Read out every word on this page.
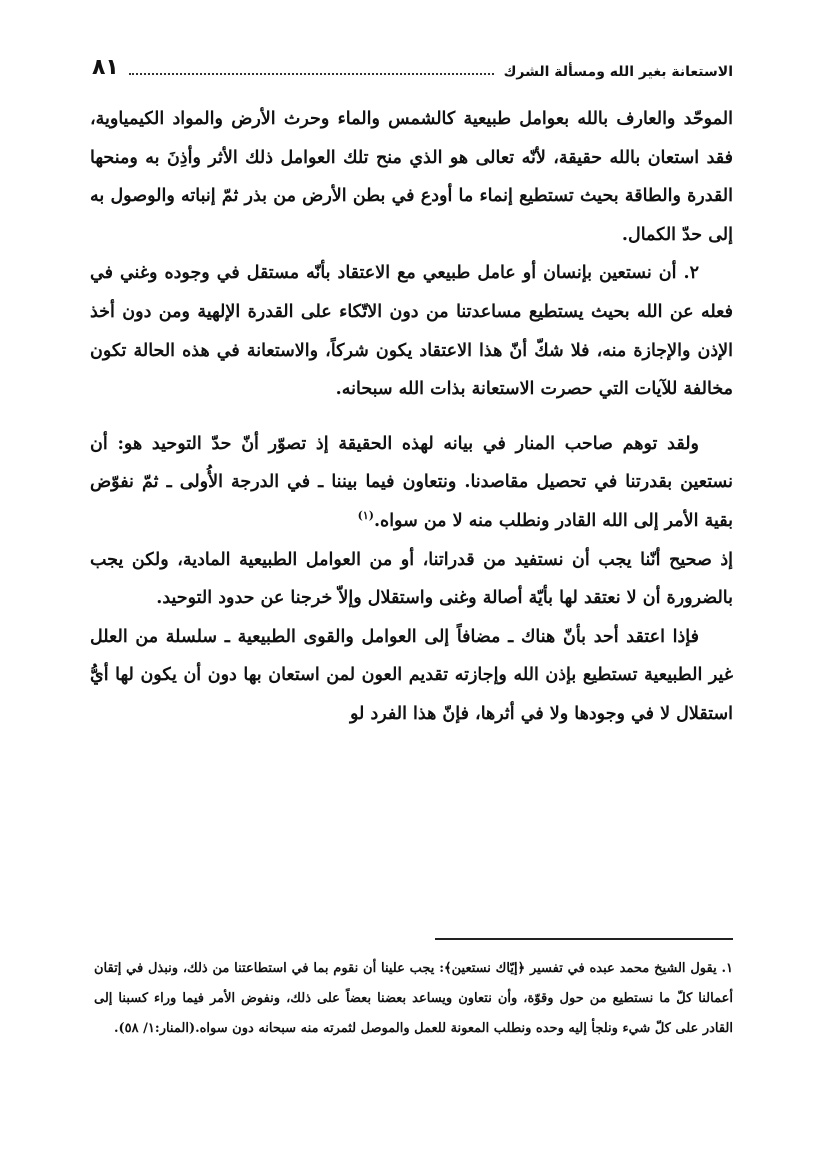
الاستعانة بغير الله ومسألة الشرك
٨١

الموحّد والعارف بالله بعوامل طبيعية كالشمس والماء وحرث الأرض والمواد الكيمياوية، فقد استعان بالله حقيقة، لأنّه تعالى هو الذي منح تلك العوامل ذلك الأثر وأذِنَ به ومنحها القدرة والطاقة بحيث تستطيع إنماء ما أودع في بطن الأرض من بذر ثمّ إنباته والوصول به إلى حدّ الكمال.

٢. أن نستعين بإنسان أو عامل طبيعي مع الاعتقاد بأنّه مستقل في وجوده وغني في فعله عن الله بحيث يستطيع مساعدتنا من دون الاتّكاء على القدرة الإلهية ومن دون أخذ الإذن والإجازة منه، فلا شكّ أنّ هذا الاعتقاد يكون شركاً، والاستعانة في هذه الحالة تكون مخالفة للآيات التي حصرت الاستعانة بذات الله سبحانه.

ولقد توهم صاحب المنار في بيانه لهذه الحقيقة إذ تصوّر أنّ حدّ التوحيد هو: أن نستعين بقدرتنا في تحصيل مقاصدنا. ونتعاون فيما بيننا ـ في الدرجة الأُولى ـ ثمّ نفوّض بقية الأمر إلى الله القادر ونطلب منه لا من سواه.$^{(١)}$

إذ صحيح أنّنا يجب أن نستفيد من قدراتنا، أو من العوامل الطبيعية المادية، ولكن يجب بالضرورة أن لا نعتقد لها بأيّة أصالة وغنى واستقلال وإلاّ خرجنا عن حدود التوحيد.

فإذا اعتقد أحد بأنّ هناك ـ مضافاً إلى العوامل والقوى الطبيعية ـ سلسلة من العلل غير الطبيعية تستطيع بإذن الله وإجازته تقديم العون لمن استعان بها دون أن يكون لها أيُّ استقلال لا في وجودها ولا في أثرها، فإنّ هذا الفرد لو

١. يقول الشيخ محمد عبده في تفسير ﴿إيّاك نستعين﴾: يجب علينا أن نقوم بما في استطاعتنا من ذلك، ونبذل في إتقان أعمالنا كلّ ما نستطيع من حول وقوّة، وأن نتعاون ويساعد بعضنا بعضاً على ذلك، ونفوض الأمر فيما وراء كسبنا إلى القادر على كلّ شيء ونلجأ إليه وحده ونطلب المعونة للعمل والموصل لثمرته منه سبحانه دون سواه.(المنار:١/ ٥٨).
